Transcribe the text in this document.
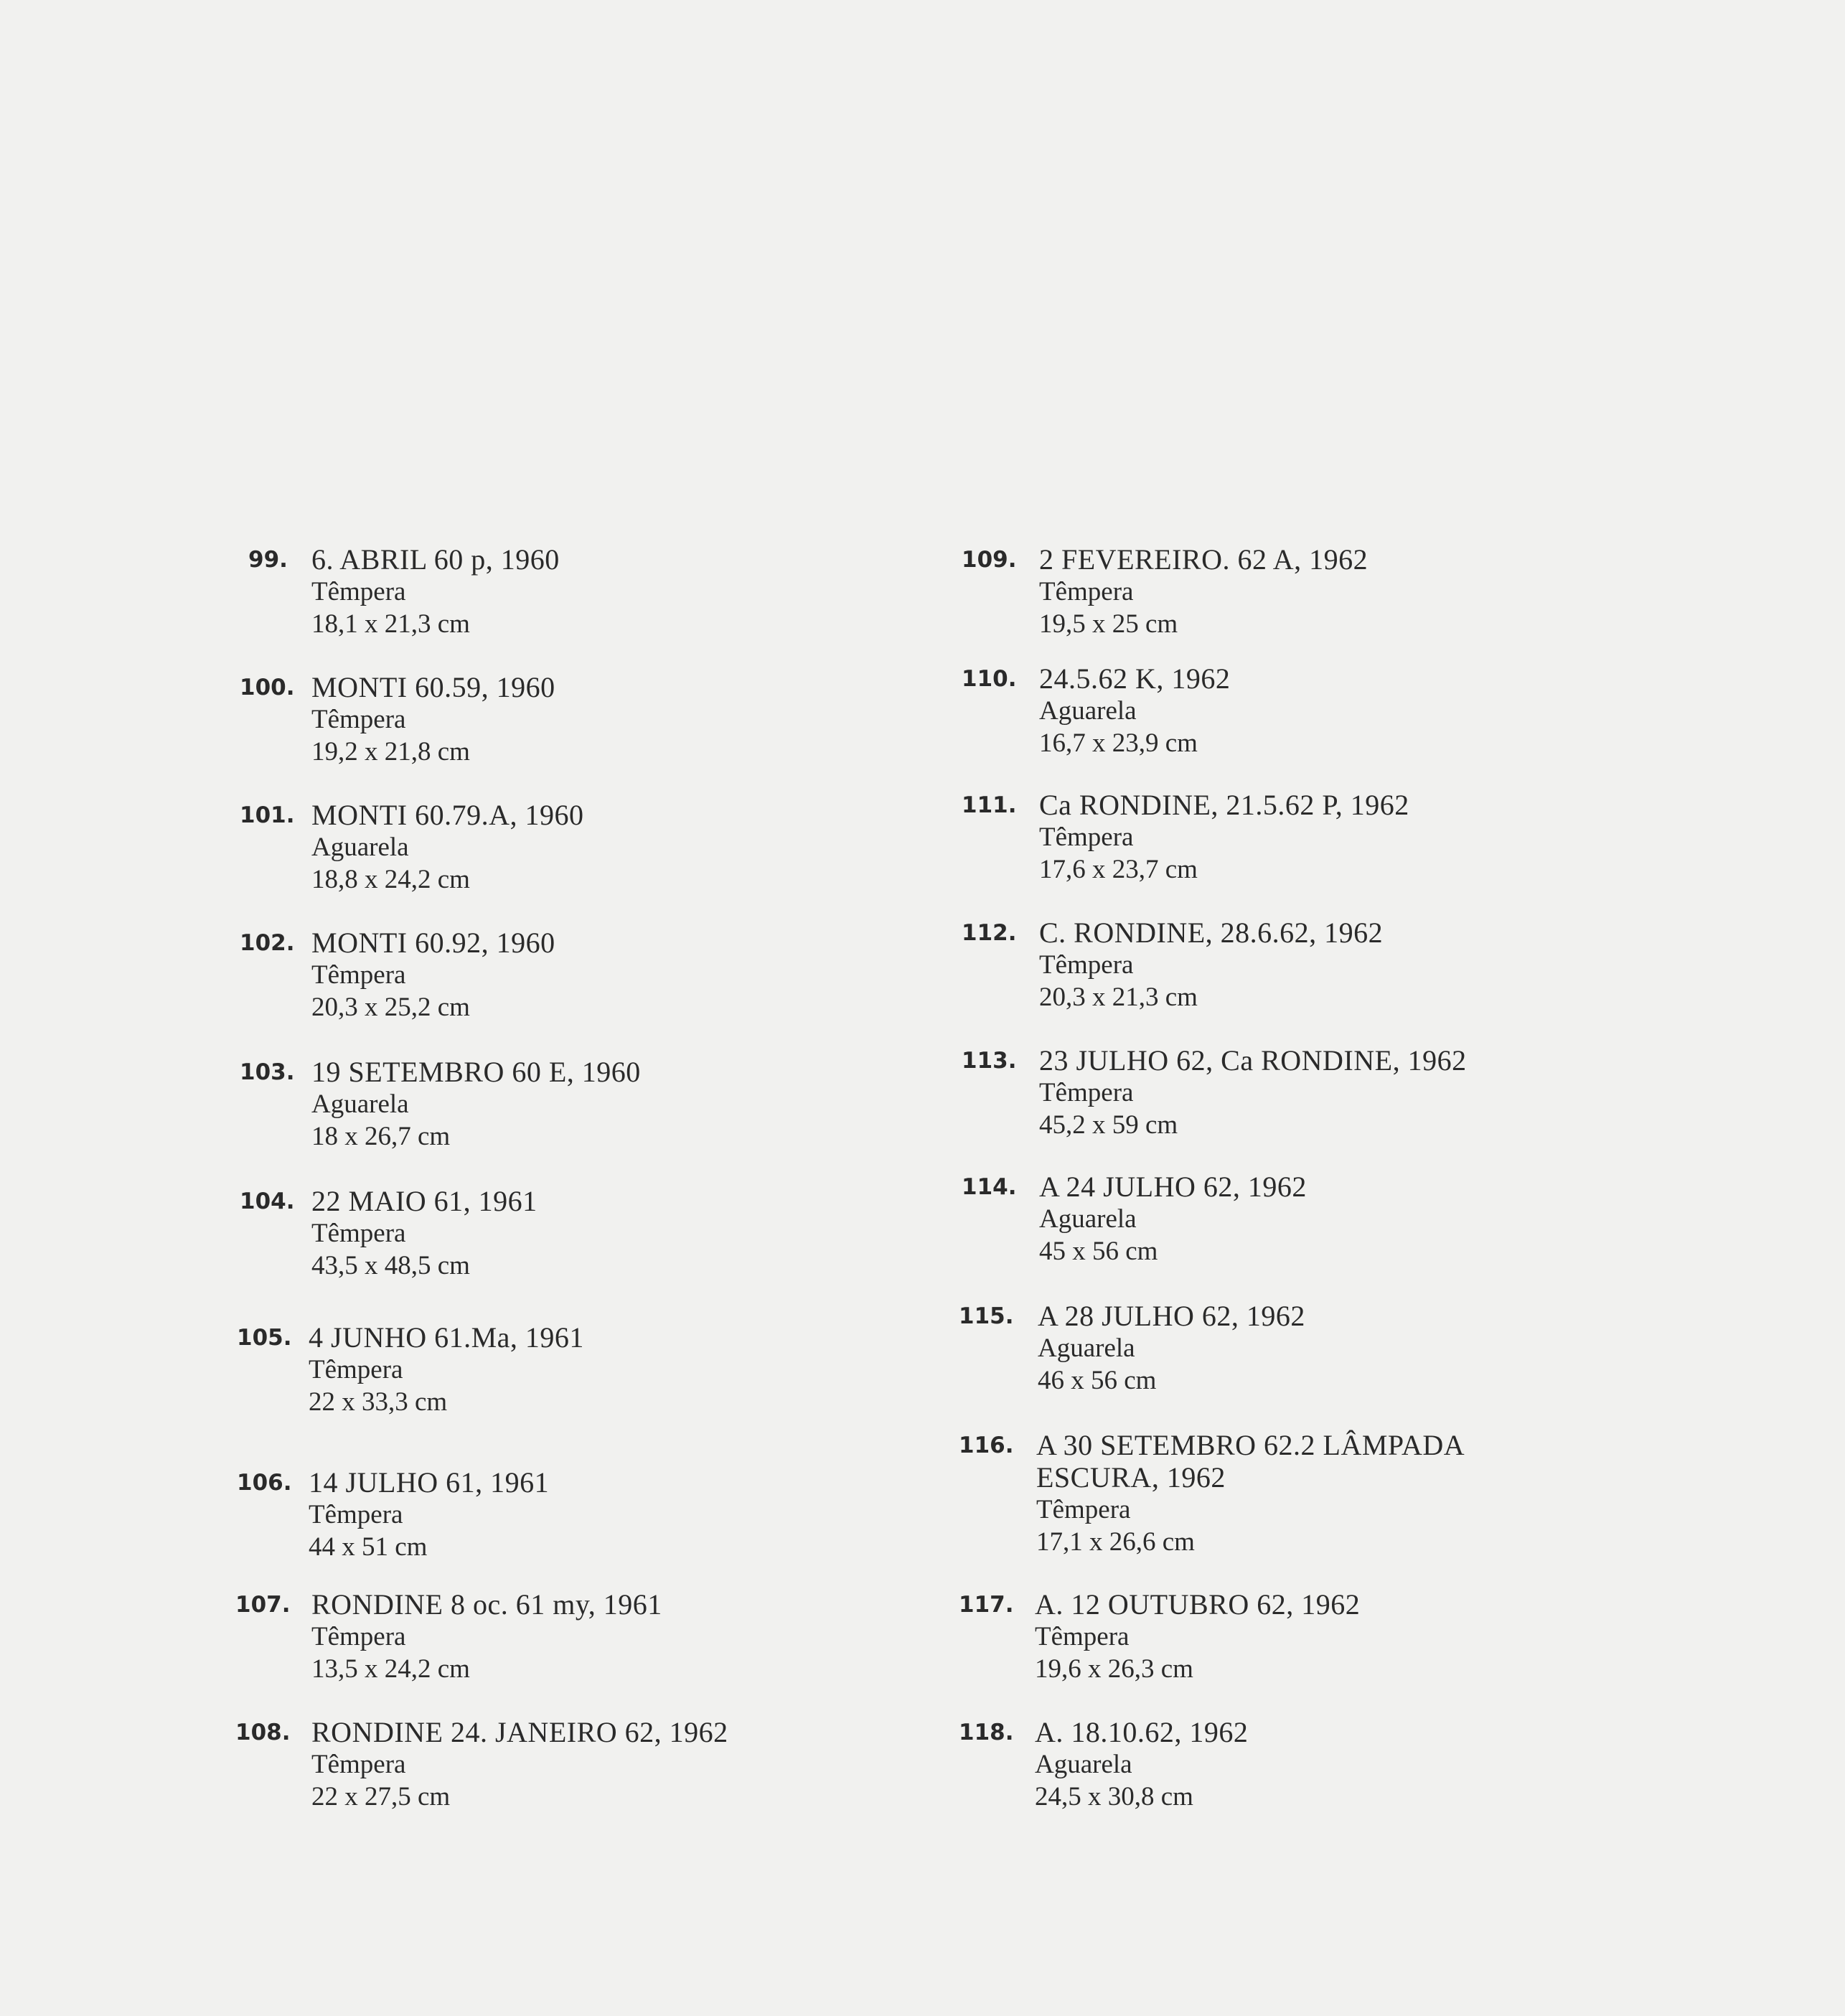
99. 6. ABRIL 60 p, 1960
Têmpera
18,1 x 21,3 cm
100. MONTI 60.59, 1960
Têmpera
19,2 x 21,8 cm
101. MONTI 60.79.A, 1960
Aguarela
18,8 x 24,2 cm
102. MONTI 60.92, 1960
Têmpera
20,3 x 25,2 cm
103. 19 SETEMBRO 60 E, 1960
Aguarela
18 x 26,7 cm
104. 22 MAIO 61, 1961
Têmpera
43,5 x 48,5 cm
105. 4 JUNHO 61.Ma, 1961
Têmpera
22 x 33,3 cm
106. 14 JULHO 61, 1961
Têmpera
44 x 51 cm
107. RONDINE 8 oc. 61 my, 1961
Têmpera
13,5 x 24,2 cm
108. RONDINE 24. JANEIRO 62, 1962
Têmpera
22 x 27,5 cm
109. 2 FEVEREIRO. 62 A, 1962
Têmpera
19,5 x 25 cm
110. 24.5.62 K, 1962
Aguarela
16,7 x 23,9 cm
111. Ca RONDINE, 21.5.62 P, 1962
Têmpera
17,6 x 23,7 cm
112. C. RONDINE, 28.6.62, 1962
Têmpera
20,3 x 21,3 cm
113. 23 JULHO 62, Ca RONDINE, 1962
Têmpera
45,2 x 59 cm
114. A 24 JULHO 62, 1962
Aguarela
45 x 56 cm
115. A 28 JULHO 62, 1962
Aguarela
46 x 56 cm
116. A 30 SETEMBRO 62.2 LÂMPADA
ESCURA, 1962
Têmpera
17,1 x 26,6 cm
117. A. 12 OUTUBRO 62, 1962
Têmpera
19,6 x 26,3 cm
118. A. 18.10.62, 1962
Aguarela
24,5 x 30,8 cm
